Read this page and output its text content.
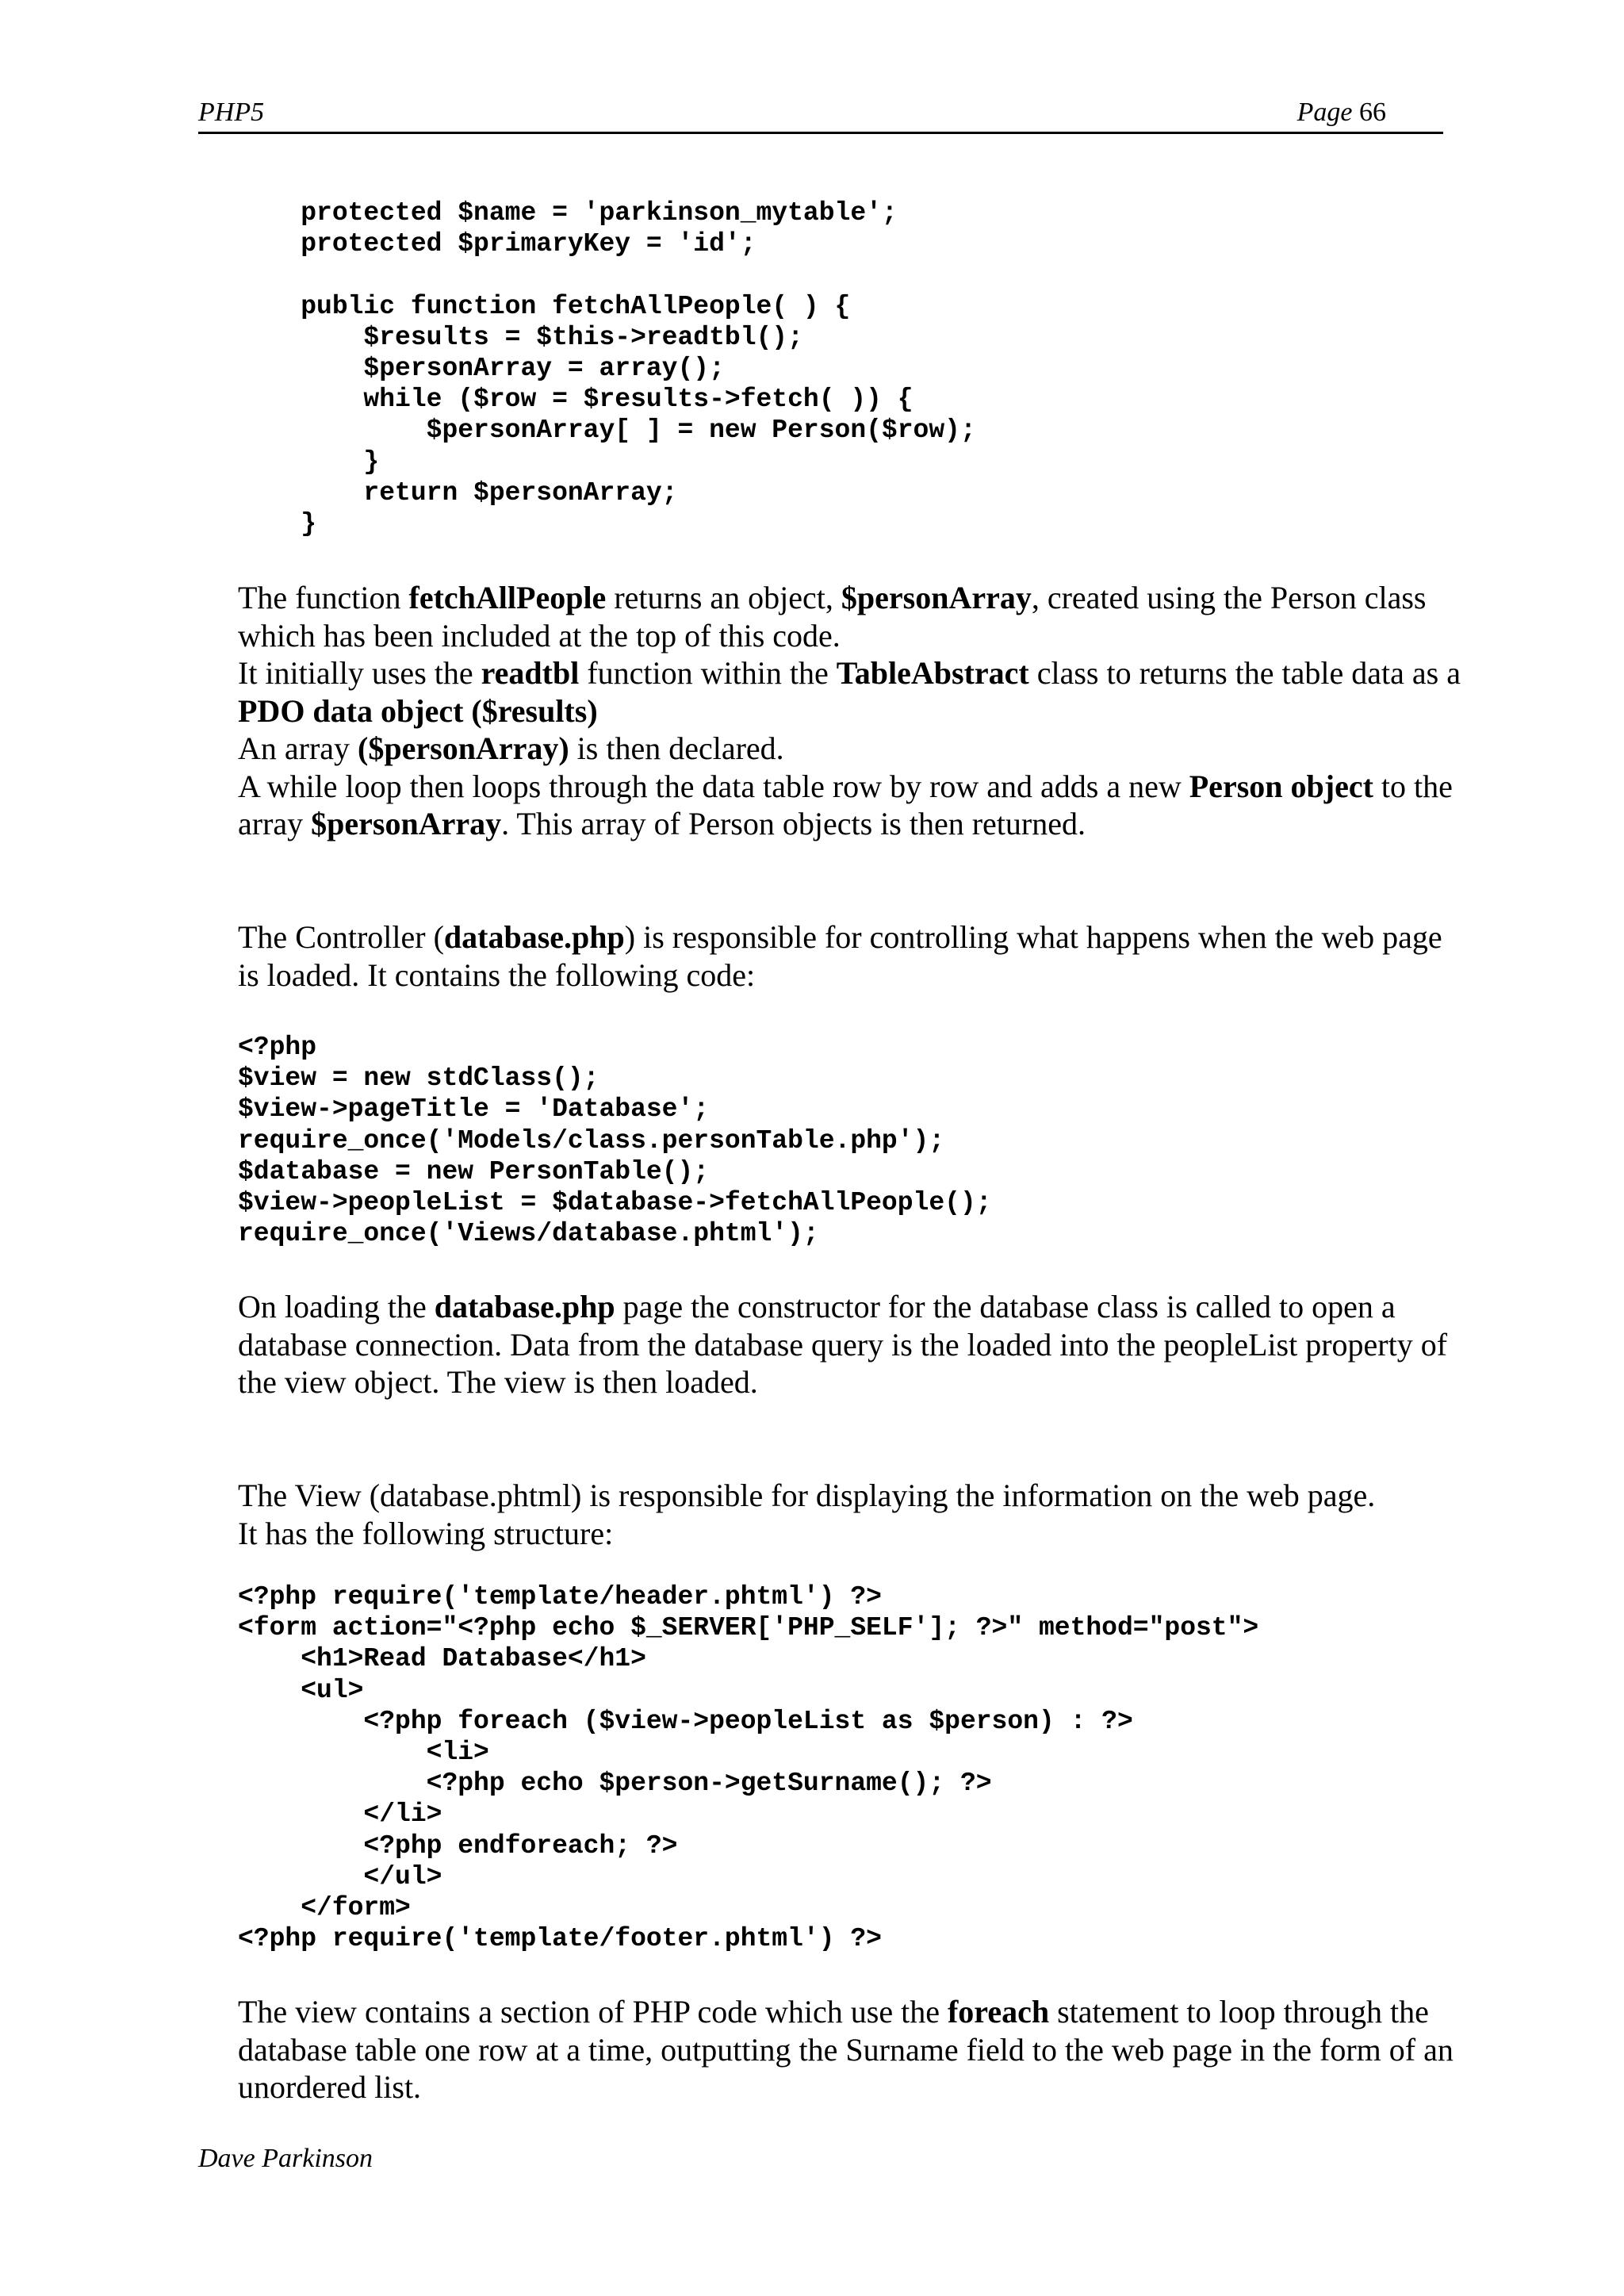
PHP5	Page 66
protected $name = 'parkinson_mytable';
protected $primaryKey = 'id';

public function fetchAllPeople( ) {
$results = $this->readtbl();
$personArray = array();
while ($row = $results->fetch( )) {
$personArray[ ] = new Person($row);
}
return $personArray;
}

The function fetchAllPeople returns an object, $personArray, created using the Person class which has been included at the top of this code.

It initially uses the readtbl function within the TableAbstract class to returns the table data as a PDO data object ($results)

An array ($personArray) is then declared.

A while loop then loops through the data table row by row and adds a new Person object to the array $personArray. This array of Person objects is then returned.

The Controller (database.php) is responsible for controlling what happens when the web page is loaded. It contains the following code:

<?php
$view = new stdClass();
$view->pageTitle = 'Database';
require_once('Models/class.personTable.php');
$database = new PersonTable();
$view->peopleList = $database->fetchAllPeople();
require_once('Views/database.phtml');

On loading the database.php page the constructor for the database class is called to open a database connection. Data from the database query is the loaded into the peopleList property of the view object. The view is then loaded.

The View (database.phtml) is responsible for displaying the information on the web page.

It has the following structure:

<?php require('template/header.phtml') ?>
<form action="<?php echo $_SERVER['PHP_SELF']; ?>" method="post">
<h1>Read Database</h1>
<ul>
<?php foreach ($view->peopleList as $person) : ?>
<li>
<?php echo $person->getSurname(); ?>
</li>
<?php endforeach; ?>
</ul>
</form>
<?php require('template/footer.phtml') ?>

The view contains a section of PHP code which use the foreach statement to loop through the database table one row at a time, outputting the Surname field to the web page in the form of an unordered list.

Dave Parkinson
